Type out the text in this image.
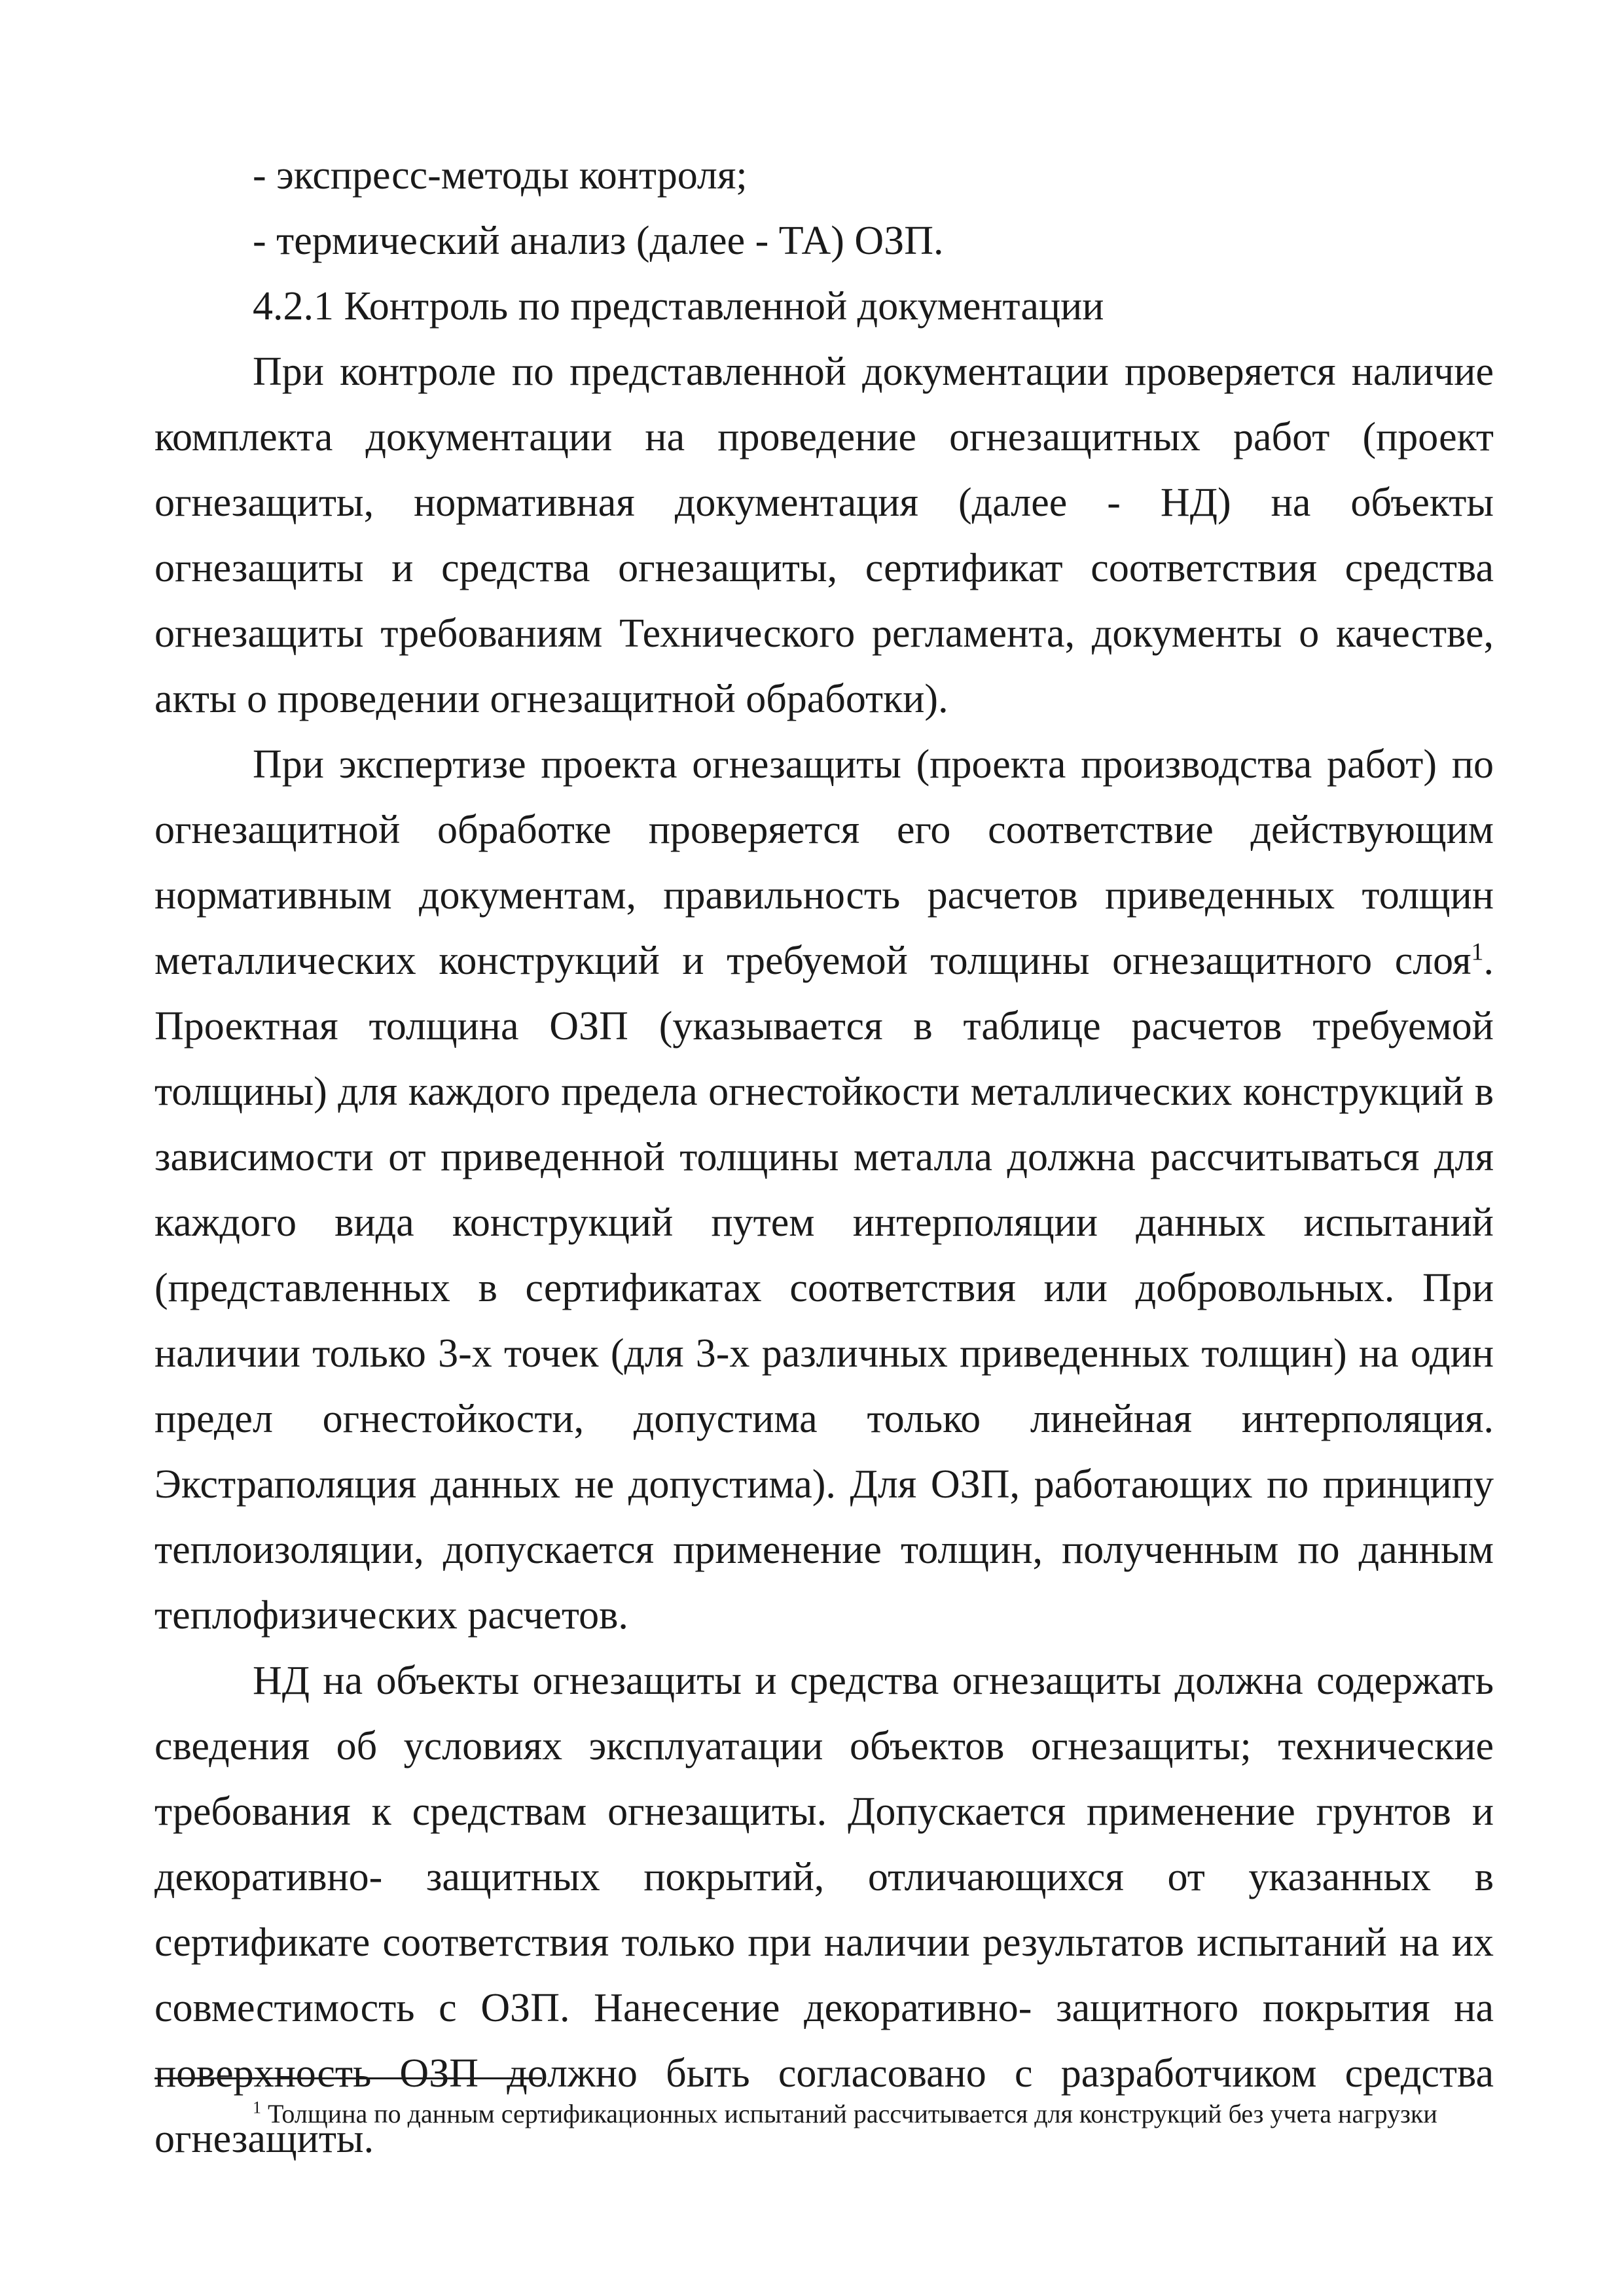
- экспресс-методы контроля;

- термический анализ (далее - ТА) ОЗП.

4.2.1 Контроль по представленной документации

При контроле по представленной документации проверяется наличие комплекта документации на проведение огнезащитных работ (проект огнезащиты, нормативная документация (далее - НД) на объекты огнезащиты и средства огнезащиты, сертификат соответствия средства огнезащиты требованиям Технического регламента, документы о качестве, акты о проведении огнезащитной обработки).

При экспертизе проекта огнезащиты (проекта производства работ) по огнезащитной обработке проверяется его соответствие действующим нормативным документам, правильность расчетов приведенных толщин металлических конструкций и требуемой толщины огнезащитного слоя$^1$. Проектная толщина ОЗП (указывается в таблице расчетов требуемой толщины) для каждого предела огнестойкости металлических конструкций в зависимости от приведенной толщины металла должна рассчитываться для каждого вида конструкций путем интерполяции данных испытаний (представленных в сертификатах соответствия или добровольных. При наличии только 3-х точек (для 3-х различных приведенных толщин) на один предел огнестойкости, допустима только линейная интерполяция. Экстраполяция данных не допустима). Для ОЗП, работающих по принципу теплоизоляции, допускается применение толщин, полученным по данным теплофизических расчетов.

НД на объекты огнезащиты и средства огнезащиты должна содержать сведения об условиях эксплуатации объектов огнезащиты; технические требования к средствам огнезащиты. Допускается применение грунтов и декоративно- защитных покрытий, отличающихся от указанных в сертификате соответствия только при наличии результатов испытаний на их совместимость с ОЗП. Нанесение декоративно- защитного покрытия на поверхность ОЗП должно быть согласовано с разработчиком средства огнезащиты.

$^1$ Толщина по данным сертификационных испытаний рассчитывается для конструкций без учета нагрузки
